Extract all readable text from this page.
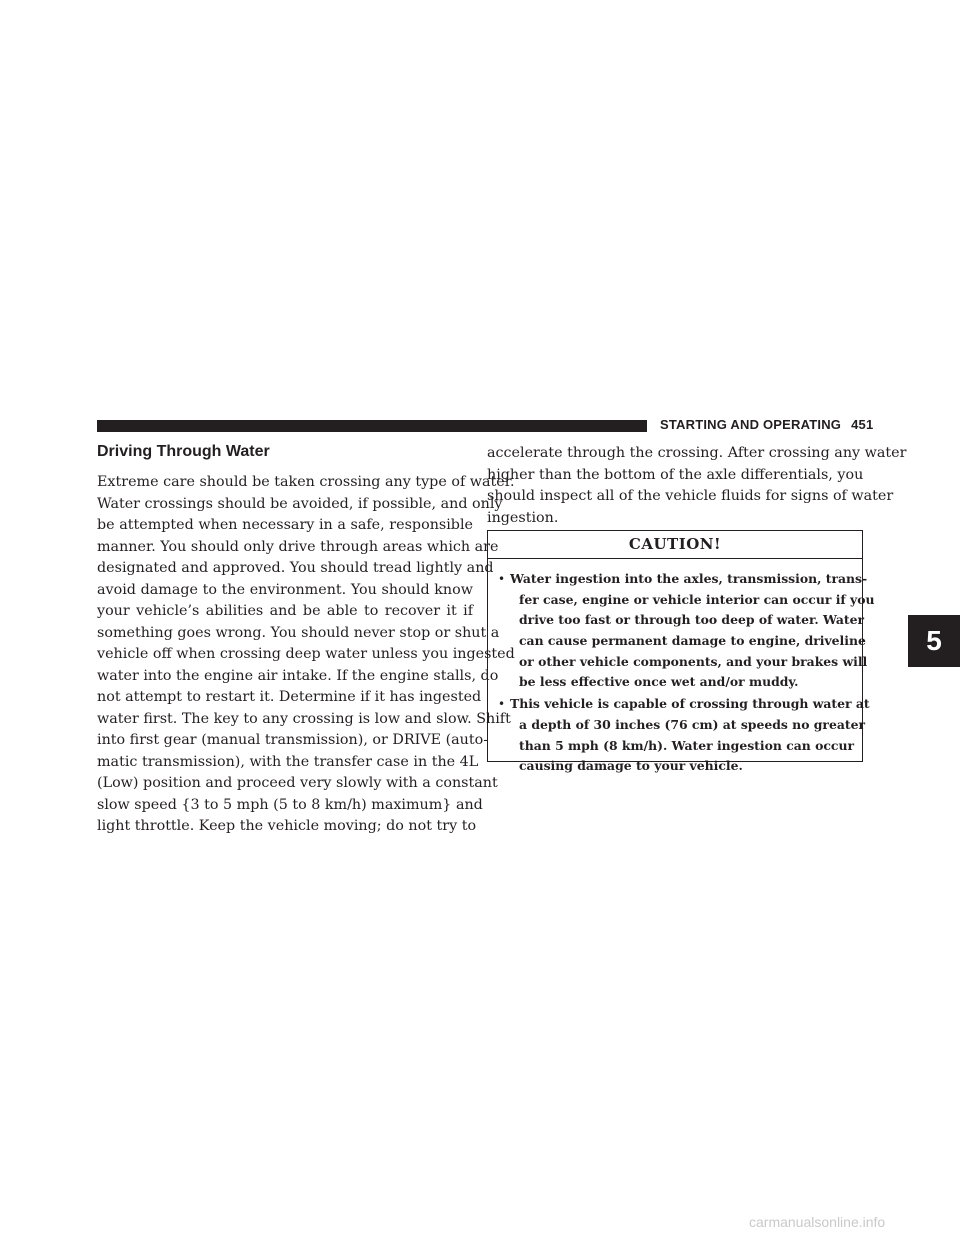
STARTING AND OPERATING 451
Driving Through Water
Extreme care should be taken crossing any type of water.
Water crossings should be avoided, if possible, and only
be attempted when necessary in a safe, responsible
manner. You should only drive through areas which are
designated and approved. You should tread lightly and
avoid damage to the environment. You should know
your vehicle’s abilities and be able to recover it if
something goes wrong. You should never stop or shut a
vehicle off when crossing deep water unless you ingested
water into the engine air intake. If the engine stalls, do
not attempt to restart it. Determine if it has ingested
water first. The key to any crossing is low and slow. Shift
into first gear (manual transmission), or DRIVE (auto-
matic transmission), with the transfer case in the 4L
(Low) position and proceed very slowly with a constant
slow speed {3 to 5 mph (5 to 8 km/h) maximum} and
light throttle. Keep the vehicle moving; do not try to
accelerate through the crossing. After crossing any water
higher than the bottom of the axle differentials, you
should inspect all of the vehicle fluids for signs of water
ingestion.
CAUTION!
• Water ingestion into the axles, transmission, trans-
fer case, engine or vehicle interior can occur if you
drive too fast or through too deep of water. Water
can cause permanent damage to engine, driveline
or other vehicle components, and your brakes will
be less effective once wet and/or muddy.
• This vehicle is capable of crossing through water at
a depth of 30 inches (76 cm) at speeds no greater
than 5 mph (8 km/h). Water ingestion can occur
causing damage to your vehicle.
5
carmanualsonline.info
